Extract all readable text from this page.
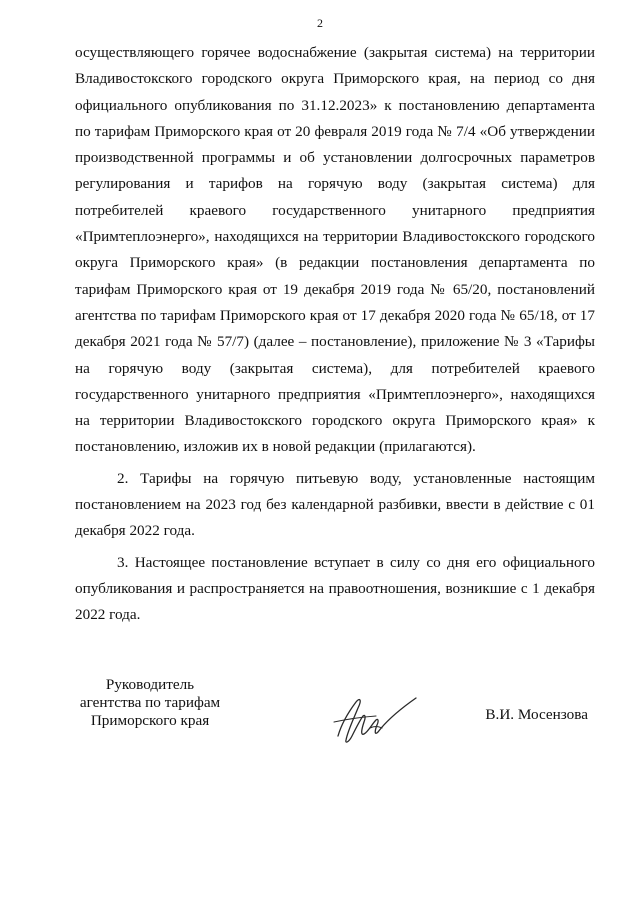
2

осуществляющего горячее водоснабжение (закрытая система) на территории Владивостокского городского округа Приморского края, на период со дня официального опубликования по 31.12.2023» к постановлению департамента по тарифам Приморского края от 20 февраля 2019 года № 7/4 «Об утверждении производственной программы и об установлении долгосрочных параметров регулирования и тарифов на горячую воду (закрытая система) для потребителей краевого государственного унитарного предприятия «Примтеплоэнерго», находящихся на территории Владивостокского городского округа Приморского края» (в редакции постановления департамента по тарифам Приморского края от 19 декабря 2019 года № 65/20, постановлений агентства по тарифам Приморского края от 17 декабря 2020 года № 65/18, от 17 декабря 2021 года № 57/7) (далее – постановление), приложение № 3 «Тарифы на горячую воду (закрытая система), для потребителей краевого государственного унитарного предприятия «Примтеплоэнерго», находящихся на территории Владивостокского городского округа Приморского края» к постановлению, изложив их в новой редакции (прилагаются).

2. Тарифы на горячую питьевую воду, установленные настоящим постановлением на 2023 год без календарной разбивки, ввести в действие с 01 декабря 2022 года.

3. Настоящее постановление вступает в силу со дня его официального опубликования и распространяется на правоотношения, возникшие с 1 декабря 2022 года.

Руководитель
агентства по тарифам
Приморского края	В.И. Мосензова
